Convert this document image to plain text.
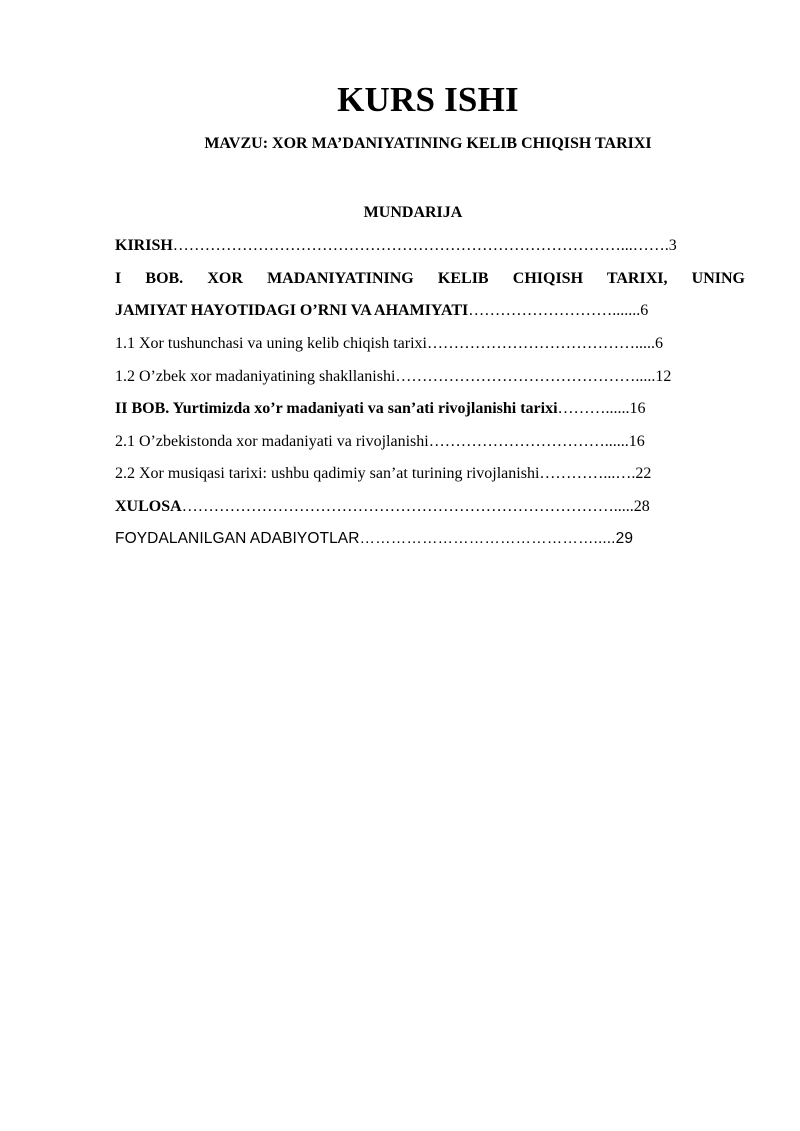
KURS ISHI
MAVZU: XOR MA’DANIYATINING KELIB CHIQISH TARIXI
MUNDARIJA
KIRISH…………………………………………………………………………...…….3
I BOB. XOR MADANIYATINING KELIB CHIQISH TARIXI, UNING
JAMIYAT HAYOTIDAGI O’RNI VA AHAMIYATI……………………….......6
1.1 Xor tushunchasi va uning kelib chiqish tarixi………………………………….....6
1.2 O’zbek xor madaniyatining shakllanishi……………………………………….....12
II BOB. Yurtimizda xo’r madaniyati va san’ati rivojlanishi tarixi………......16
2.1 O’zbekistonda xor madaniyati va rivojlanishi……………………………......16
2.2 Xor musiqasi tarixi: ushbu qadimiy san’at turining rivojlanishi…………...….22
XULOSA……………………………………………………………………….....28
FOYDALANILGAN ADABIYOTLAR……………………………………….....29
